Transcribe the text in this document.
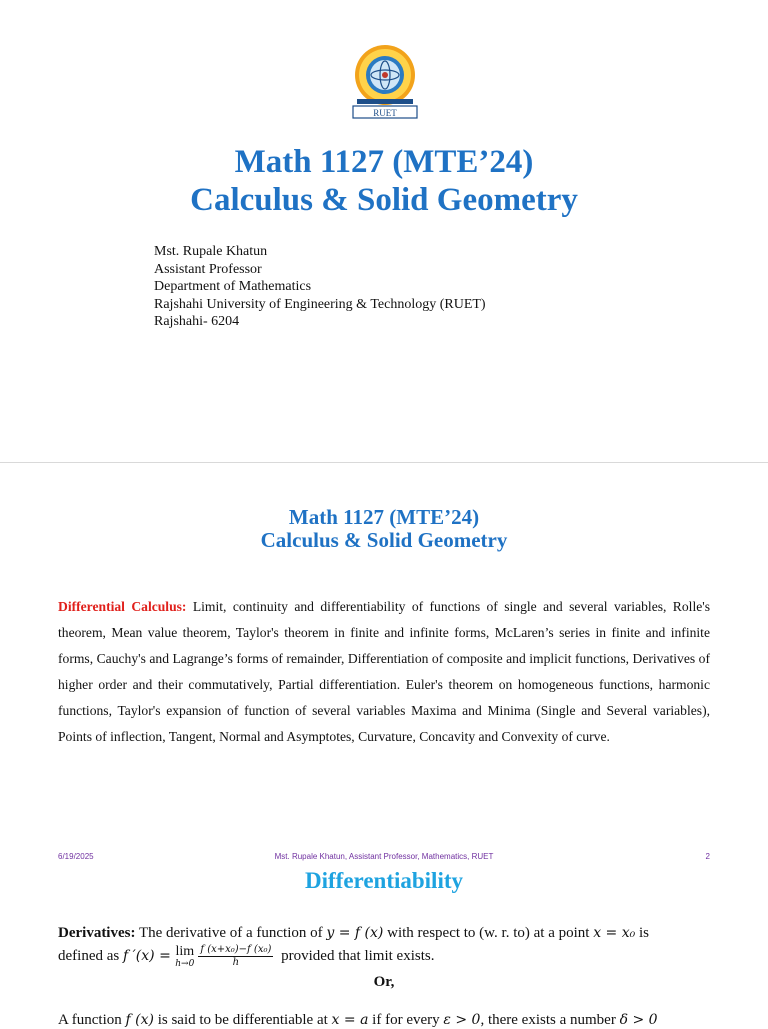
RUET
Math 1127 (MTE’24)
Calculus & Solid Geometry
Mst. Rupale Khatun
Assistant Professor
Department of Mathematics
Rajshahi University of Engineering & Technology (RUET)
Rajshahi- 6204
Math 1127 (MTE’24)
Calculus & Solid Geometry
Differential Calculus: Limit, continuity and differentiability of functions of single and several variables, Rolle's theorem, Mean value theorem, Taylor's theorem in finite and infinite forms, McLaren’s series in finite and infinite forms, Cauchy's and Lagrange’s forms of remainder, Differentiation of composite and implicit functions, Derivatives of higher order and their commutatively, Partial differentiation. Euler's theorem on homogeneous functions, harmonic functions, Taylor's expansion of function of several variables Maxima and Minima (Single and Several variables), Points of inflection, Tangent, Normal and Asymptotes, Curvature, Concavity and Convexity of curve.
6/19/2025	Mst. Rupale Khatun, Assistant Professor, Mathematics, RUET	2
Differentiability
Derivatives: The derivative of a function of y = f (x) with respect to (w. r. to) at a point x = x₀ is
defined as f ′(x) = lim
$h\to 0 \frac{\text{f (x+x₀)−f (x₀)}}{h}$ provided that limit exists.
Or,
A function f (x) is said to be differentiable at x = a if for every ε > 0, there exists a number δ > 0
